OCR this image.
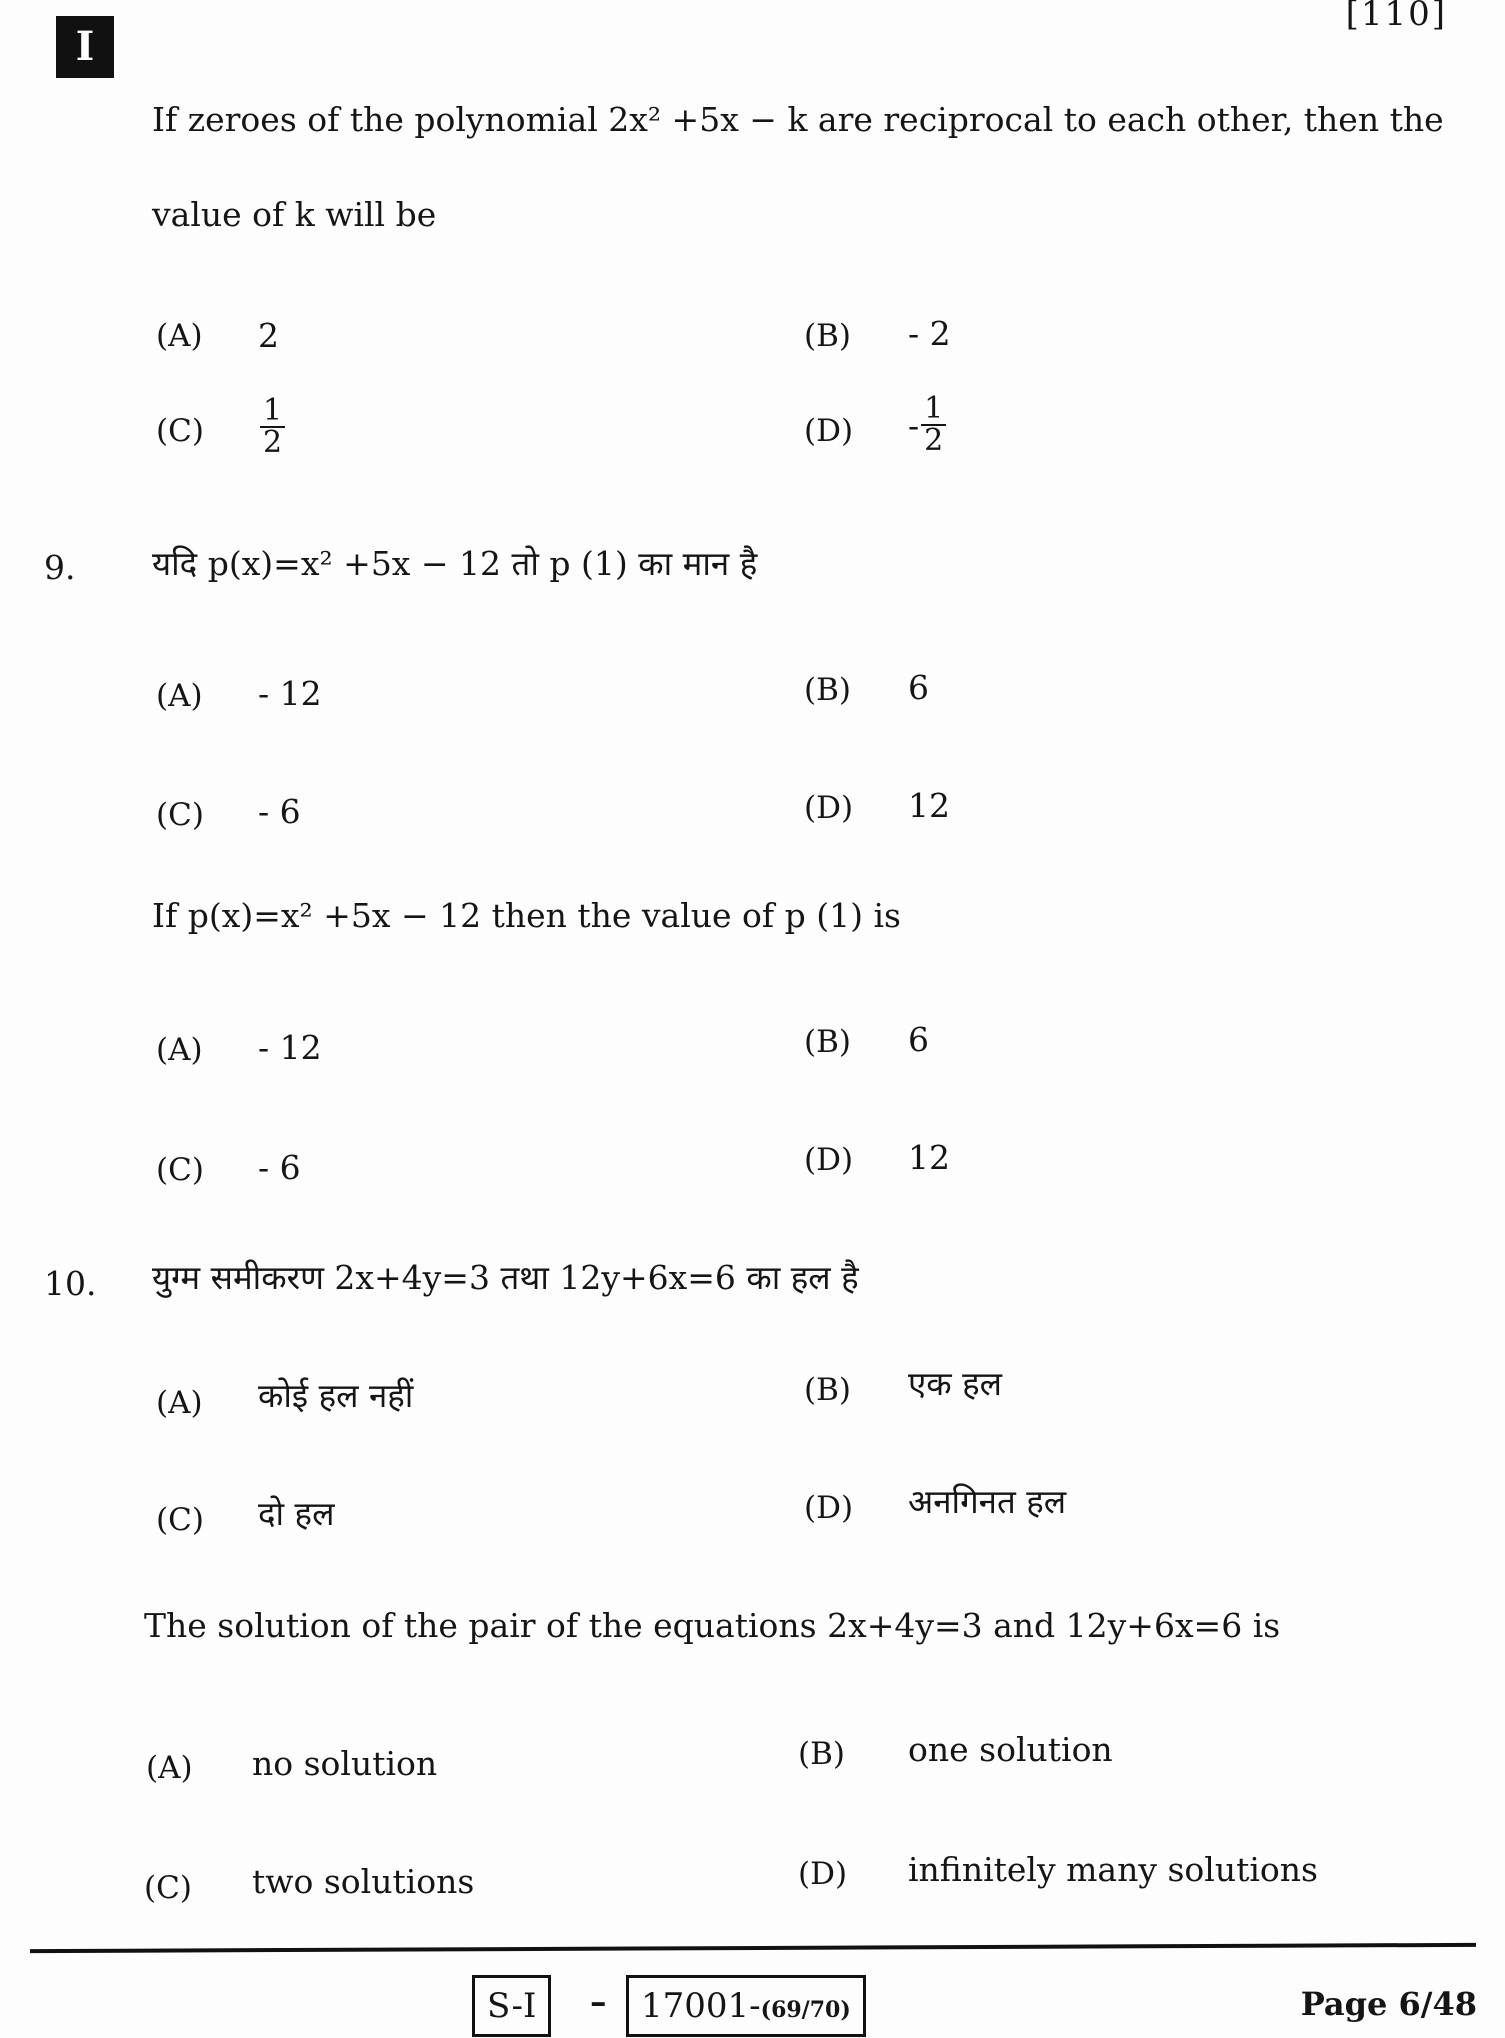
I
[110]
If zeroes of the polynomial 2x² +5x − k are reciprocal to each other, then the
value of k will be
(A) 2	(B) - 2
$(C) \frac{1}{2}$	$(D) - \frac{1}{2}$
9. यदि p(x)=x² +5x − 12 तो p (1) का मान है
(A) - 12	(B) 6
(C) - 6	(D) 12
If p(x)=x² +5x − 12 then the value of p (1) is
(A) - 12	(B) 6
(C) - 6	(D) 12
10. युग्म समीकरण 2x+4y=3 तथा 12y+6x=6 का हल है
(A) कोई हल नहीं	(B) एक हल
(C) दो हल	(D) अनगिनत हल
The solution of the pair of the equations 2x+4y=3 and 12y+6x=6 is
(A) no solution	(B) one solution
(C) two solutions	(D) infinitely many solutions
S-I	–	17001-(69/70)	Page 6/48
